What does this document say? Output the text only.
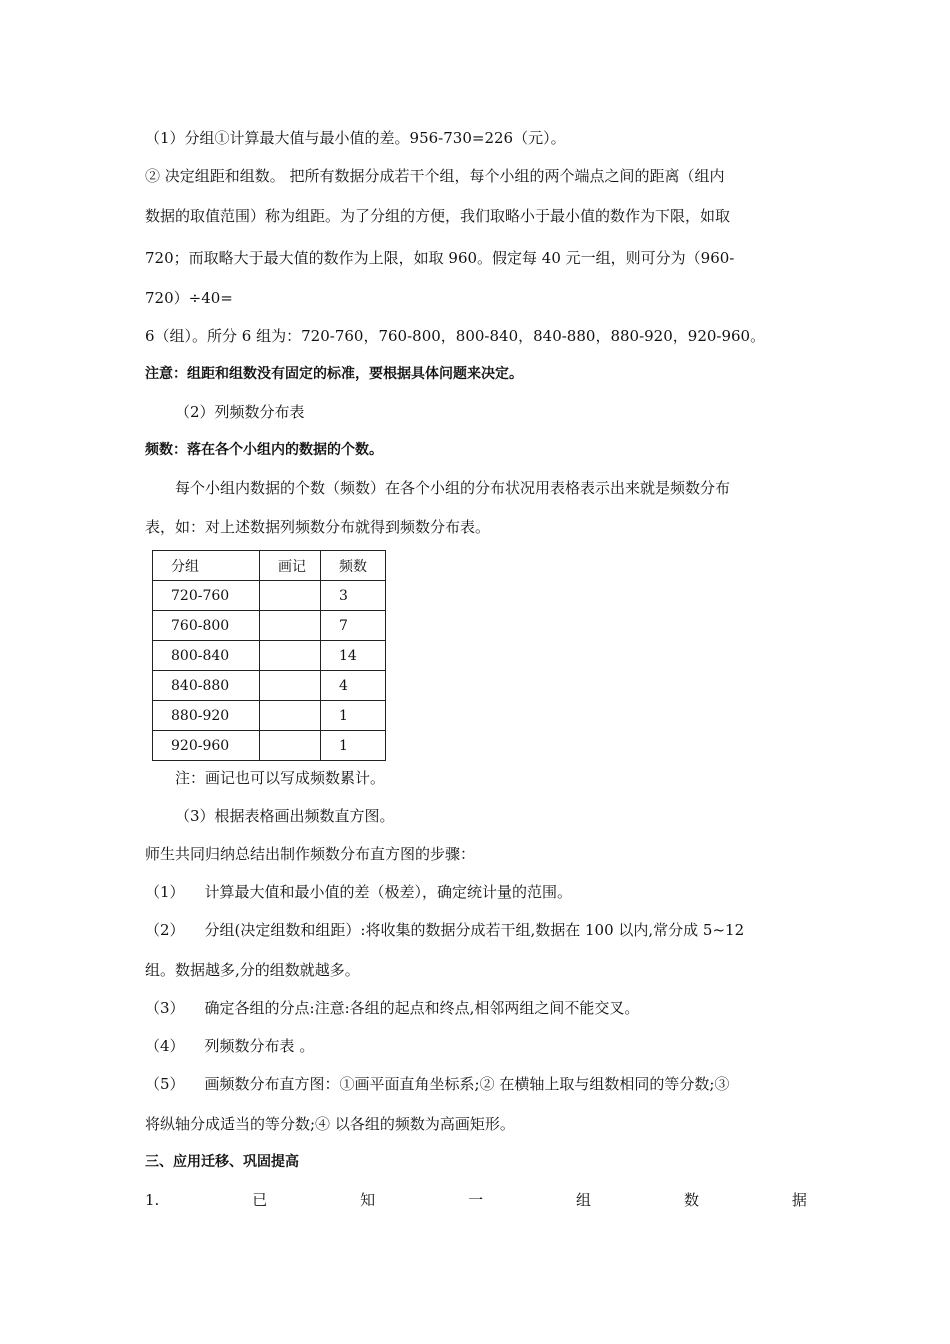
（1）分组①计算最大值与最小值的差。956-730=226（元）。
② 决定组距和组数。 把所有数据分成若干个组，每个小组的两个端点之间的距离（组内
数据的取值范围）称为组距。为了分组的方便，我们取略小于最小值的数作为下限，如取
720；而取略大于最大值的数作为上限，如取 960。假定每 40 元一组，则可分为（960-
720）÷40=
6（组）。所分 6 组为：720-760，760-800，800-840，840-880，880-920，920-960。
注意：组距和组数没有固定的标准，要根据具体问题来决定。
（2）列频数分布表
频数：落在各个小组内的数据的个数。
每个小组内数据的个数（频数）在各个小组的分布状况用表格表示出来就是频数分布
表，如：对上述数据列频数分布就得到频数分布表。
分组	画记	频数
720-760		3
760-800		7
800-840		14
840-880		4
880-920		1
920-960		1
注：画记也可以写成频数累计。
（3）根据表格画出频数直方图。
师生共同归纳总结出制作频数分布直方图的步骤：
（1） 计算最大值和最小值的差（极差），确定统计量的范围。
（2） 分组(决定组数和组距）:将收集的数据分成若干组,数据在 100 以内,常分成 5~12
组。数据越多,分的组数就越多。
（3） 确定各组的分点:注意:各组的起点和终点,相邻两组之间不能交叉。
（4） 列频数分布表 。
（5） 画频数分布直方图：①画平面直角坐标系;② 在横轴上取与组数相同的等分数;③
将纵轴分成适当的等分数;④ 以各组的频数为高画矩形。
三、应用迁移、巩固提高
1.	已	知	一	组	数	据
